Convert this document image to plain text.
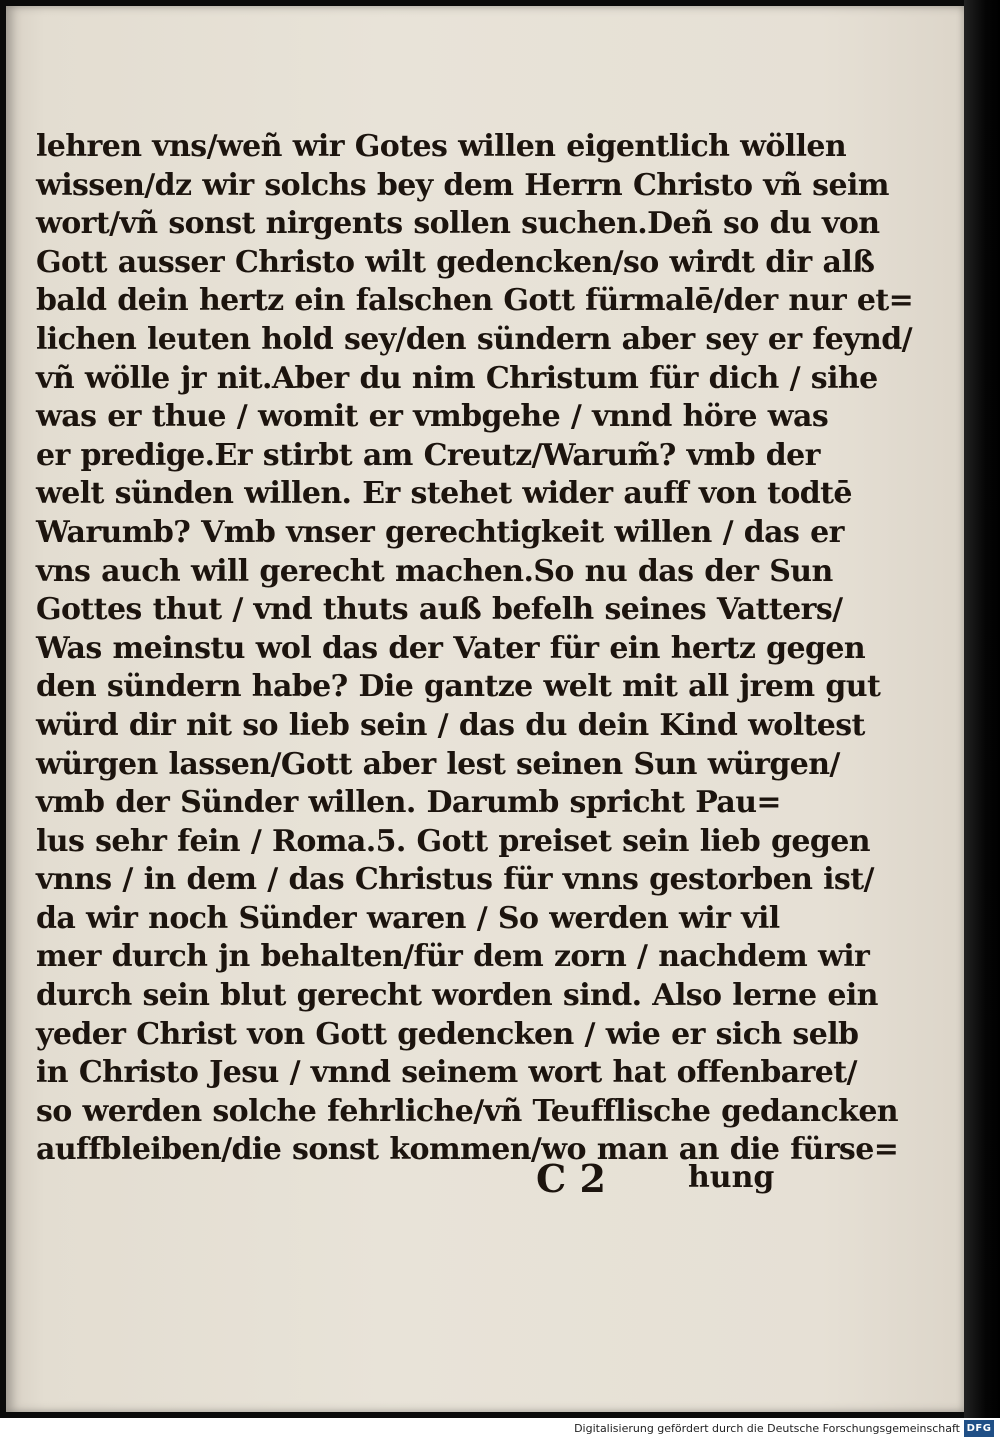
lehren vns/weñ wir Gotes willen eigentlich wöllen
wissen/dz wir solchs bey dem Herrn Christo vñ seim
wort/vñ sonst nirgents sollen suchen.Deñ so du von
Gott ausser Christo wilt gedencken/so wirdt dir alß
bald dein hertz ein falschen Gott fürmalē/der nur et=
lichen leuten hold sey/den sündern aber sey er feynd/
vñ wölle jr nit.Aber du nim Christum für dich / sihe
was er thue / womit er vmbgehe / vnnd höre was
er predige.Er stirbt am Creutz/Warum̃? vmb der
welt sünden willen. Er stehet wider auff von todtē
Warumb? Vmb vnser gerechtigkeit willen / das er
vns auch will gerecht machen.So nu das der Sun
Gottes thut / vnd thuts auß befelh seines Vatters/
Was meinstu wol das der Vater für ein hertz gegen
den sündern habe? Die gantze welt mit all jrem gut
würd dir nit so lieb sein / das du dein Kind woltest
würgen lassen/Gott aber lest seinen Sun würgen/
vmb der Sünder willen. Darumb spricht Pau=
lus sehr fein / Roma.5. Gott preiset sein lieb gegen
vnns / in dem / das Christus für vnns gestorben ist/
da wir noch Sünder waren / So werden wir vil
mer durch jn behalten/für dem zorn / nachdem wir
durch sein blut gerecht worden sind. Also lerne ein
yeder Christ von Gott gedencken / wie er sich selb
in Christo Jesu / vnnd seinem wort hat offenbaret/
so werden solche fehrliche/vñ Teufflische gedancken
auffbleiben/die sonst kommen/wo man an die fürse=
C 2	hung
Digitalisierung gefördert durch die Deutsche Forschungsgemeinschaft DFG
